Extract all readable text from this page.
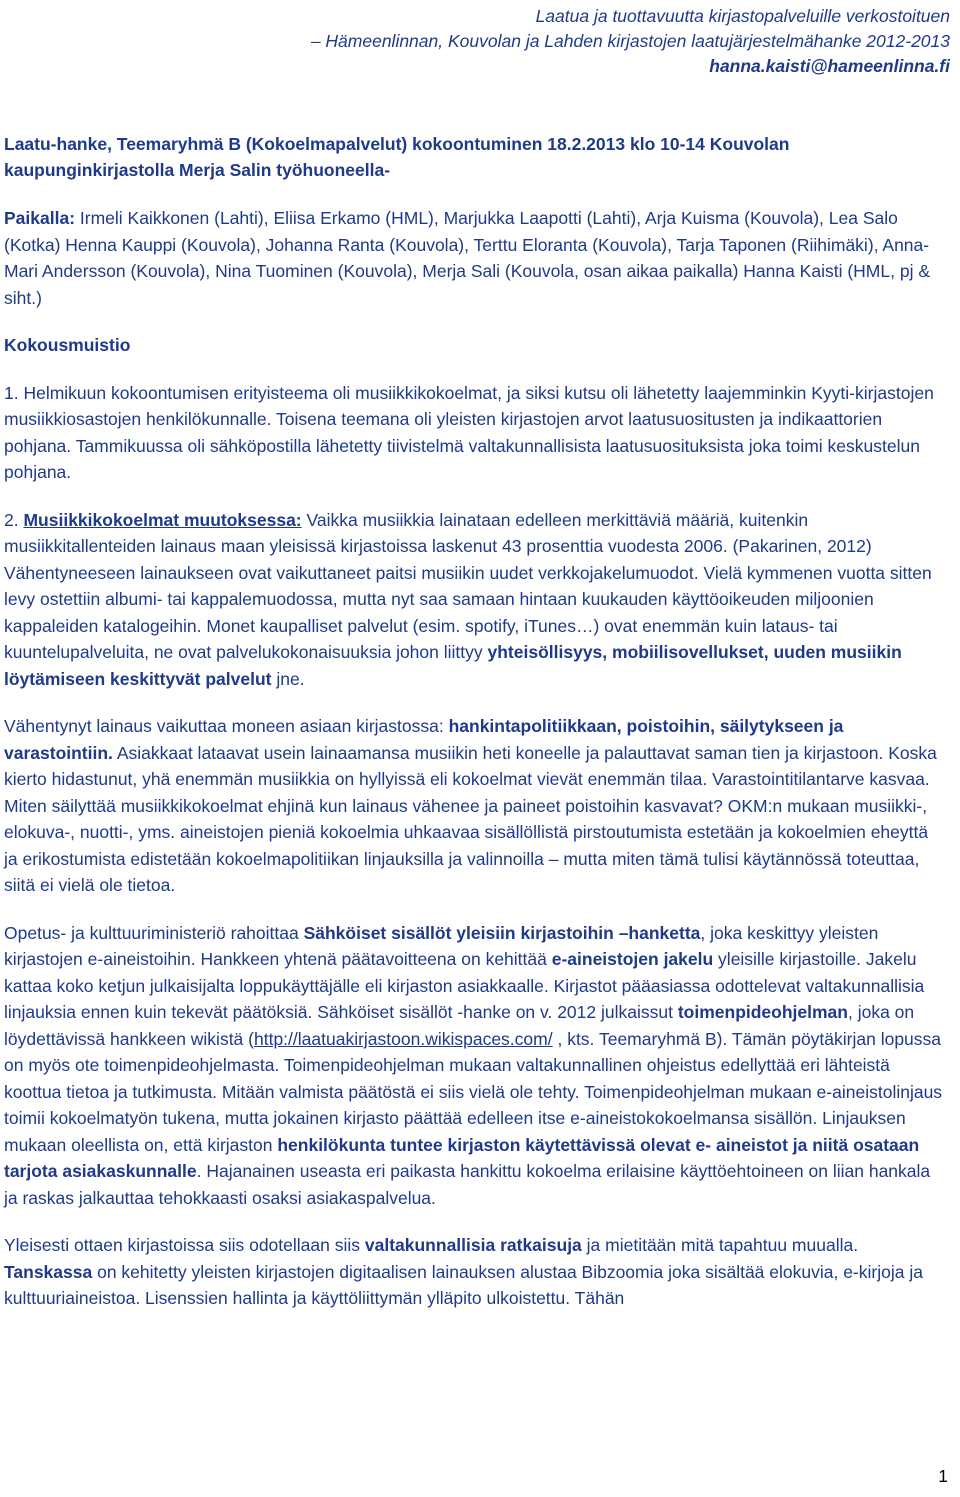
Laatua ja tuottavuutta kirjastopalveluille verkostoituen
– Hämeenlinnan, Kouvolan ja Lahden kirjastojen laatujärjestelmähanke 2012-2013
hanna.kaisti@hameenlinna.fi
Laatu-hanke, Teemaryhmä B (Kokoelmapalvelut) kokoontuminen 18.2.2013 klo 10-14 Kouvolan kaupunginkirjastolla Merja Salin työhuoneella-

Paikalla: Irmeli Kaikkonen (Lahti), Eliisa Erkamo (HML), Marjukka Laapotti (Lahti), Arja Kuisma (Kouvola), Lea Salo (Kotka) Henna Kauppi (Kouvola), Johanna Ranta (Kouvola), Terttu Eloranta (Kouvola), Tarja Taponen (Riihimäki), Anna-Mari Andersson (Kouvola), Nina Tuominen (Kouvola), Merja Sali (Kouvola, osan aikaa paikalla) Hanna Kaisti (HML, pj & siht.)

Kokousmuistio

1. Helmikuun kokoontumisen erityisteema oli musiikkikokoelmat, ja siksi kutsu oli lähetetty laajemminkin Kyyti-kirjastojen musiikkiosastojen henkilökunnalle. Toisena teemana oli yleisten kirjastojen arvot laatusuositusten ja indikaattorien pohjana. Tammikuussa oli sähköpostilla lähetetty tiivistelmä valtakunnallisista laatusuosituksista joka toimi keskustelun pohjana.

2. Musiikkikokoelmat muutoksessa: Vaikka musiikkia lainataan edelleen merkittäviä määriä, kuitenkin musiikkitallenteiden lainaus maan yleisissä kirjastoissa laskenut 43 prosenttia vuodesta 2006. (Pakarinen, 2012) Vähentyneeseen lainaukseen ovat vaikuttaneet paitsi musiikin uudet verkkojakelumuodot. Vielä kymmenen vuotta sitten levy ostettiin albumi- tai kappalemuodossa, mutta nyt saa samaan hintaan kuukauden käyttöoikeuden miljoonien kappaleiden katalogeihin. Monet kaupalliset palvelut (esim. spotify, iTunes…) ovat enemmän kuin lataus- tai kuuntelupalveluita, ne ovat palvelukokonaisuuksia johon liittyy yhteisöllisyys, mobiilisovellukset, uuden musiikin löytämiseen keskittyvät palvelut jne.

Vähentynyt lainaus vaikuttaa moneen asiaan kirjastossa: hankintapolitiikkaan, poistoihin, säilytykseen ja varastointiin. Asiakkaat lataavat usein lainaamansa musiikin heti koneelle ja palauttavat saman tien ja kirjastoon. Koska kierto hidastunut, yhä enemmän musiikkia on hyllyissä eli kokoelmat vievät enemmän tilaa. Varastointitilantarve kasvaa. Miten säilyttää musiikkikokoelmat ehjinä kun lainaus vähenee ja paineet poistoihin kasvavat? OKM:n mukaan musiikki-, elokuva-, nuotti-, yms. aineistojen pieniä kokoelmia uhkaavaa sisällöllistä pirstoutumista estetään ja kokoelmien eheyttä ja erikostumista edistetään kokoelmapolitiikan linjauksilla ja valinnoilla – mutta miten tämä tulisi käytännössä toteuttaa, siitä ei vielä ole tietoa.

Opetus- ja kulttuuriministeriö rahoittaa Sähköiset sisällöt yleisiin kirjastoihin –hanketta, joka keskittyy yleisten kirjastojen e-aineistoihin. Hankkeen yhtenä päätavoitteena on kehittää e-aineistojen jakelu yleisille kirjastoille. Jakelu kattaa koko ketjun julkaisijalta loppukäyttäjälle eli kirjaston asiakkaalle. Kirjastot pääasiassa odottelevat valtakunnallisia linjauksia ennen kuin tekevät päätöksiä. Sähköiset sisällöt -hanke on v. 2012 julkaissut toimenpideohjelman, joka on löydettävissä hankkeen wikistä (http://laatuakirjastoon.wikispaces.com/ , kts. Teemaryhmä B). Tämän pöytäkirjan lopussa on myös ote toimenpideohjelmasta. Toimenpideohjelman mukaan valtakunnallinen ohjeistus edellyttää eri lähteistä koottua tietoa ja tutkimusta. Mitään valmista päätöstä ei siis vielä ole tehty. Toimenpideohjelman mukaan e-aineistolinjaus toimii kokoelmatyön tukena, mutta jokainen kirjasto päättää edelleen itse e-aineistokokoelmansa sisällön. Linjauksen mukaan oleellista on, että kirjaston henkilökunta tuntee kirjaston käytettävissä olevat e- aineistot ja niitä osataan tarjota asiakaskunnalle. Hajanainen useasta eri paikasta hankittu kokoelma erilaisine käyttöehtoineen on liian hankala ja raskas jalkauttaa tehokkaasti osaksi asiakaspalvelua.

Yleisesti ottaen kirjastoissa siis odotellaan siis valtakunnallisia ratkaisuja ja mietitään mitä tapahtuu muualla. Tanskassa on kehitetty yleisten kirjastojen digitaalisen lainauksen alustaa Bibzoomia joka sisältää elokuvia, e-kirjoja ja kulttuuriaineistoa. Lisenssien hallinta ja käyttöliittymän ylläpito ulkoistettu. Tähän

1
